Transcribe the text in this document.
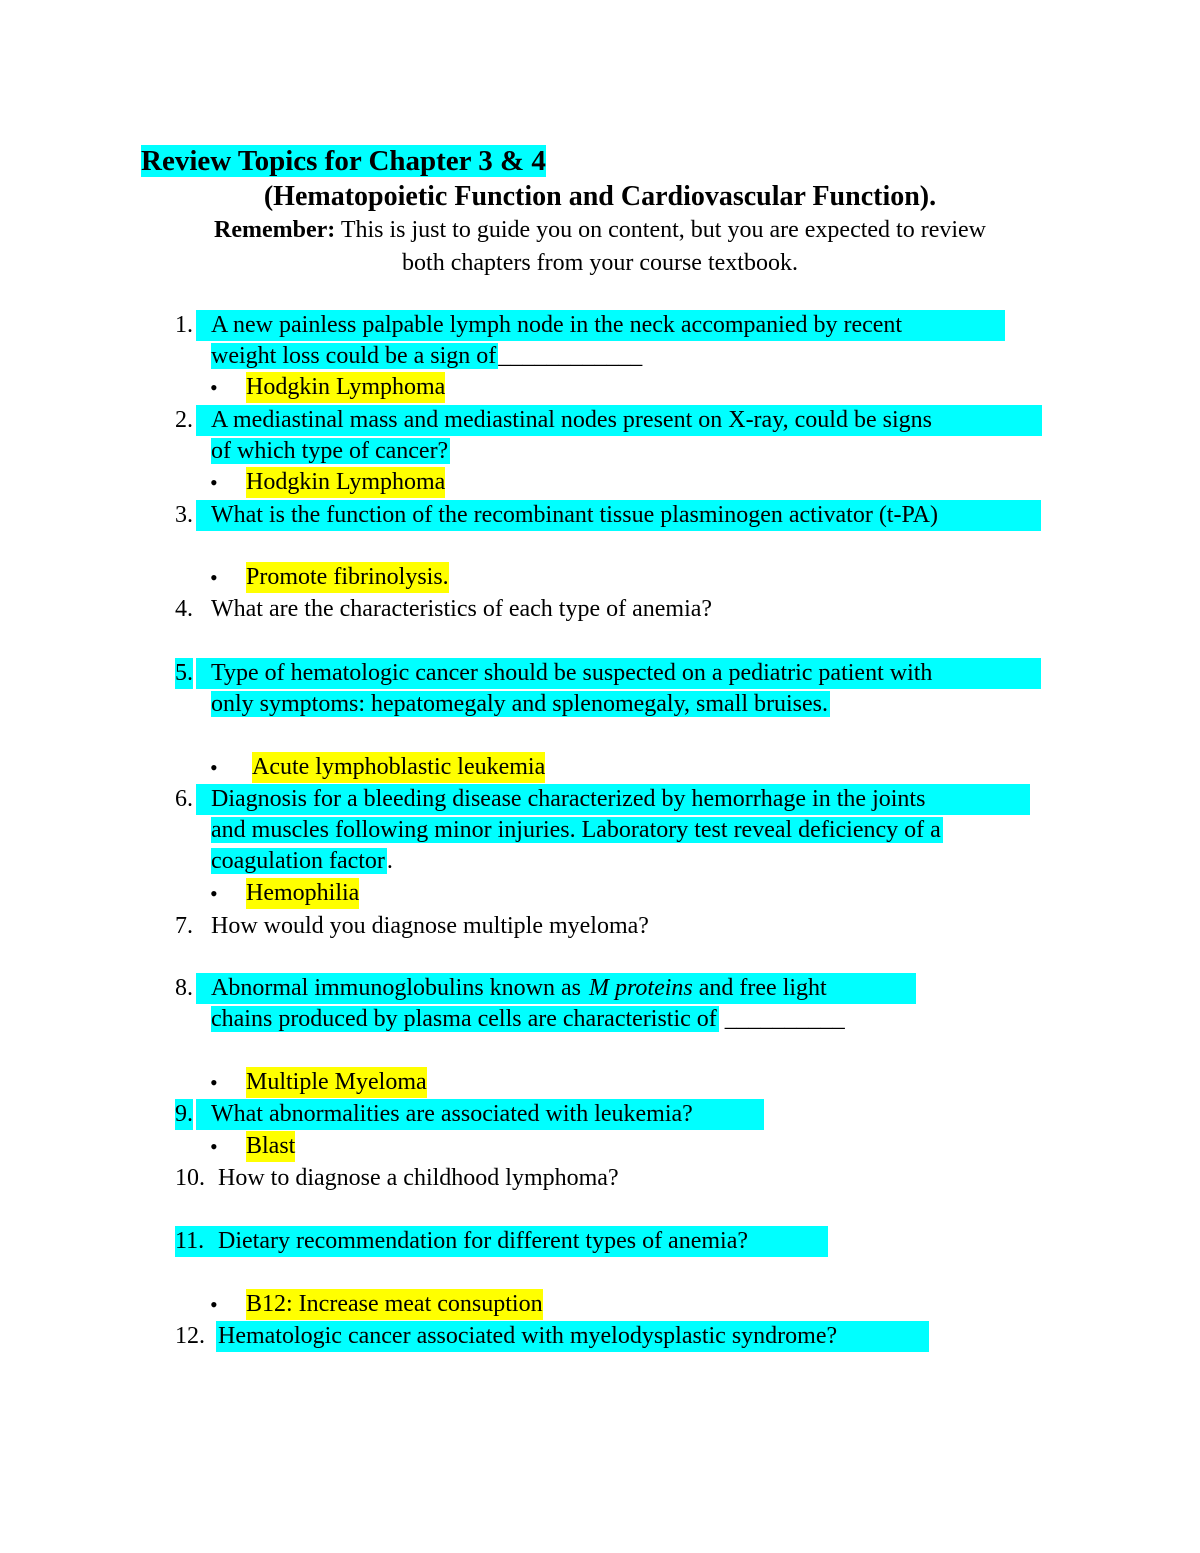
Review Topics for Chapter 3 & 4
(Hematopoietic Function and Cardiovascular Function).

Remember: This is just to guide you on content, but you are expected to review
both chapters from your course textbook.

1. A new painless palpable lymph node in the neck accompanied by recent
weight loss could be a sign of____________
• Hodgkin Lymphoma
2. A mediastinal mass and mediastinal nodes present on X-ray, could be signs
of which type of cancer?
• Hodgkin Lymphoma
3. What is the function of the recombinant tissue plasminogen activator (t-PA)
• Promote fibrinolysis.
4. What are the characteristics of each type of anemia?
5. Type of hematologic cancer should be suspected on a pediatric patient with
only symptoms: hepatomegaly and splenomegaly, small bruises.
• Acute lymphoblastic leukemia
6. Diagnosis for a bleeding disease characterized by hemorrhage in the joints
and muscles following minor injuries. Laboratory test reveal deficiency of a
coagulation factor.
• Hemophilia
7. How would you diagnose multiple myeloma?
8. Abnormal immunoglobulins known as M proteins and free light
chains produced by plasma cells are characteristic of __________
• Multiple Myeloma
9. What abnormalities are associated with leukemia?
• Blast
10. How to diagnose a childhood lymphoma?
11. Dietary recommendation for different types of anemia?
• B12: Increase meat consuption
12. Hematologic cancer associated with myelodysplastic syndrome?
